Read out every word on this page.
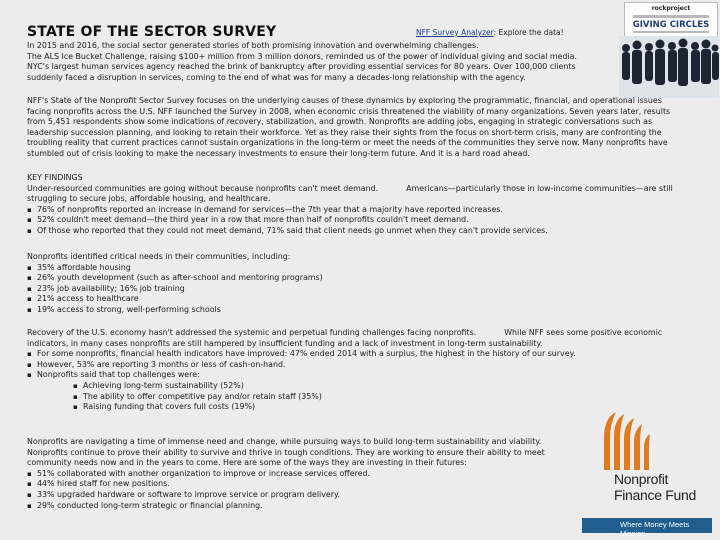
STATE OF THE SECTOR SURVEY	NFF Survey Analyzer: Explore the data!
rockproject
GIVING CIRCLES
In 2015 and 2016, the social sector generated stories of both promising innovation and overwhelming challenges.
The ALS Ice Bucket Challenge, raising $100+ million from 3 million donors, reminded us of the power of individual giving and social media.
NYC's largest human services agency reached the brink of bankruptcy after providing essential services for 80 years. Over 100,000 clients
suddenly faced a disruption in services, coming to the end of what was for many a decades-long relationship with the agency.
NFF's State of the Nonprofit Sector Survey focuses on the underlying causes of these dynamics by exploring the programmatic, financial, and operational issues
facing nonprofits across the U.S. NFF launched the Survey in 2008, when economic crisis threatened the viability of many organizations. Seven years later, results
from 5,451 respondents show some indications of recovery, stabilization, and growth. Nonprofits are adding jobs, engaging in strategic conversations such as
leadership succession planning, and looking to retain their workforce. Yet as they raise their sights from the focus on short-term crisis, many are confronting the
troubling reality that current practices cannot sustain organizations in the long-term or meet the needs of the communities they serve now. Many nonprofits have
stumbled out of crisis looking to make the necessary investments to ensure their long-term future. And it is a hard road ahead.
KEY FINDINGS
Under-resourced communities are going without because nonprofits can't meet demand.	Americans—particularly those in low-income communities—are still
struggling to secure jobs, affordable housing, and healthcare.
▪ 76% of nonprofits reported an increase in demand for services—the 7th year that a majority have reported increases.
▪ 52% couldn't meet demand—the third year in a row that more than half of nonprofits couldn't meet demand.
▪ Of those who reported that they could not meet demand, 71% said that client needs go unmet when they can't provide services.
Nonprofits identified critical needs in their communities, including:
▪ 35% affordable housing
▪ 26% youth development (such as after-school and mentoring programs)
▪ 23% job availability; 16% job training
▪ 21% access to healthcare
▪ 19% access to strong, well-performing schools
Recovery of the U.S. economy hasn't addressed the systemic and perpetual funding challenges facing nonprofits.	While NFF sees some positive economic
indicators, in many cases nonprofits are still hampered by insufficient funding and a lack of investment in long-term sustainability.
▪ For some nonprofits, financial health indicators have improved: 47% ended 2014 with a surplus, the highest in the history of our survey.
▪ However, 53% are reporting 3 months or less of cash-on-hand.
▪ Nonprofits said that top challenges were:
▪ Achieving long-term sustainability (52%)
▪ The ability to offer competitive pay and/or retain staff (35%)
▪ Raising funding that covers full costs (19%)
Nonprofits are navigating a time of immense need and change, while pursuing ways to build long-term sustainability and viability.
Nonprofits continue to prove their ability to survive and thrive in tough conditions. They are working to ensure their ability to meet
community needs now and in the years to come. Here are some of the ways they are investing in their futures:
▪ 51% collaborated with another organization to improve or increase services offered.
▪ 44% hired staff for new positions.
▪ 33% upgraded hardware or software to improve service or program delivery.
▪ 29% conducted long-term strategic or financial planning.
Nonprofit
Finance Fund
Where Money Meets Mission
